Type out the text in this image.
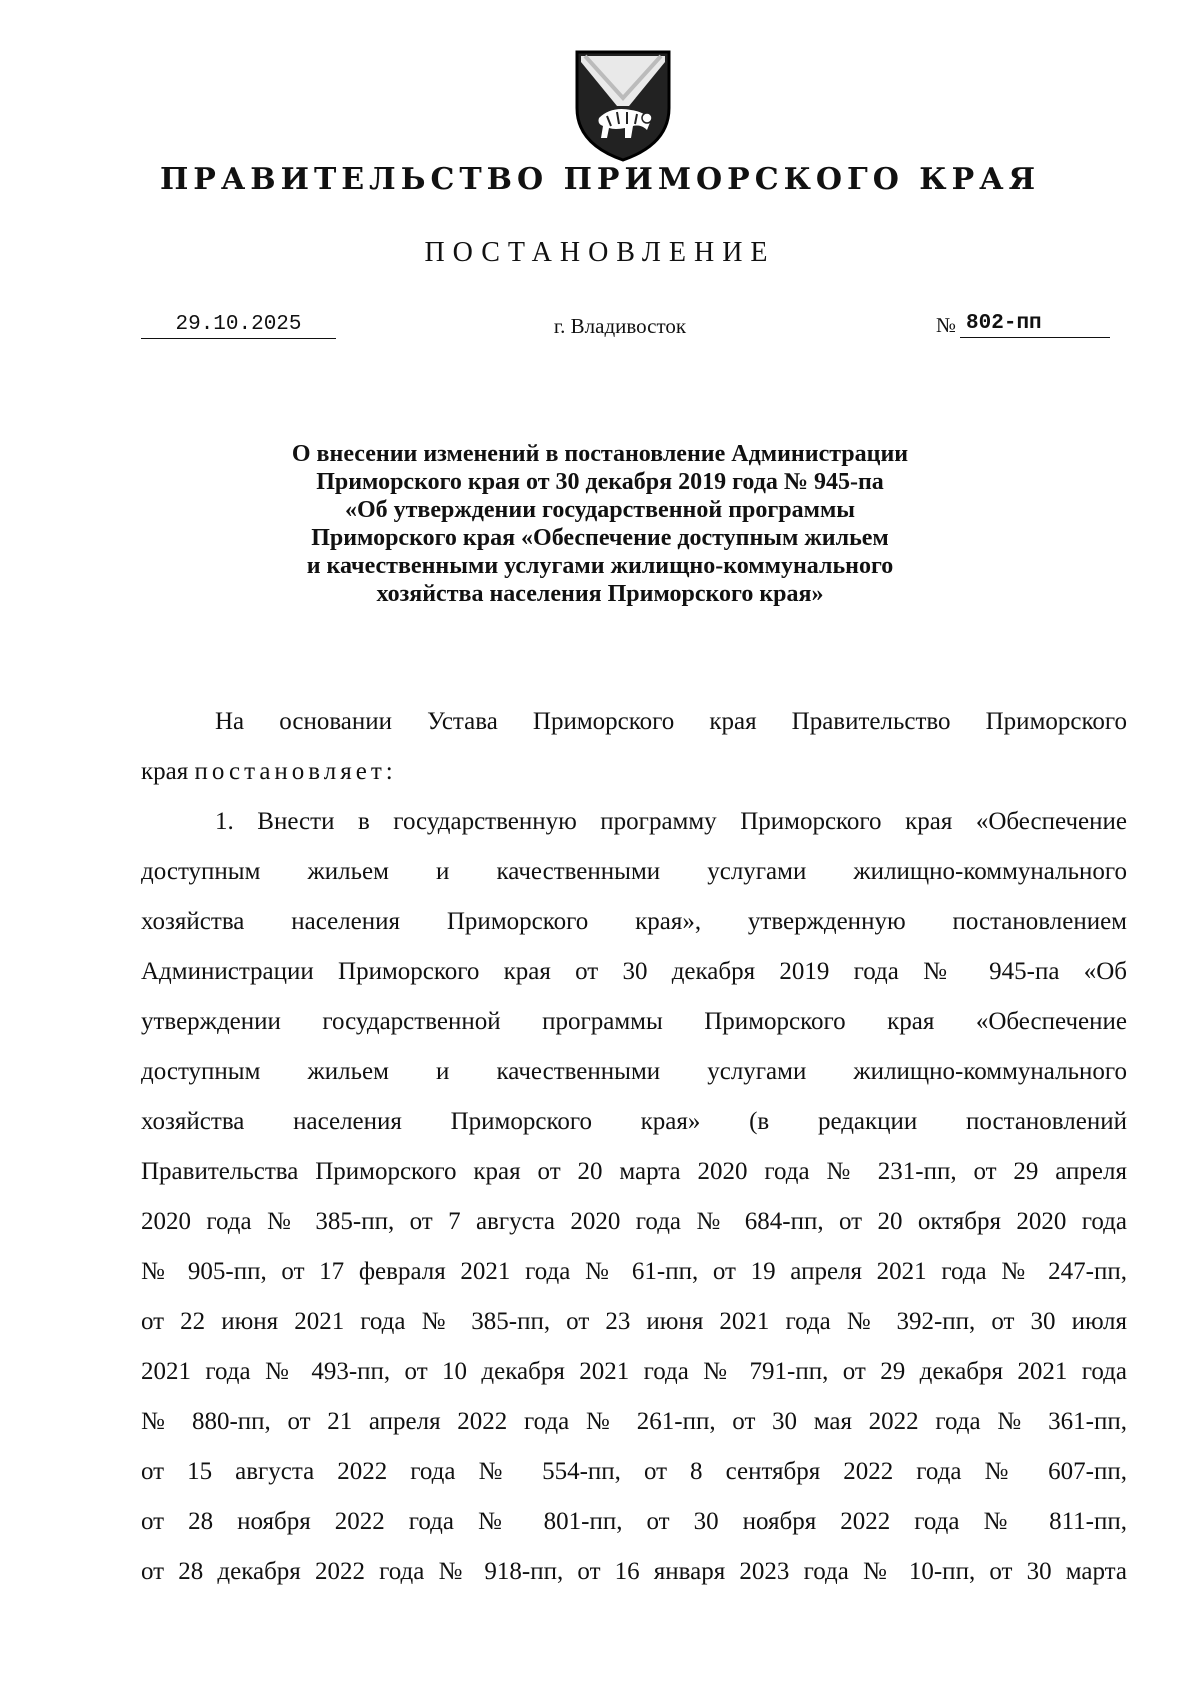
ПРАВИТЕЛЬСТВО ПРИМОРСКОГО КРАЯ
ПОСТАНОВЛЕНИЕ
29.10.2025	г. Владивосток	№ 802-пп
О внесении изменений в постановление Администрации
Приморского края от 30 декабря 2019 года № 945-па
«Об утверждении государственной программы
Приморского края «Обеспечение доступным жильем
и качественными услугами жилищно-коммунального
хозяйства населения Приморского края»
На основании Устава Приморского края Правительство Приморского
края постановляет:
1. Внести в государственную программу Приморского края «Обеспечение
доступным жильем и качественными услугами жилищно-коммунального
хозяйства населения Приморского края», утвержденную постановлением
Администрации Приморского края от 30 декабря 2019 года № 945-па «Об
утверждении государственной программы Приморского края «Обеспечение
доступным жильем и качественными услугами жилищно-коммунального
хозяйства населения Приморского края» (в редакции постановлений
Правительства Приморского края от 20 марта 2020 года № 231-пп, от 29 апреля
2020 года № 385-пп, от 7 августа 2020 года № 684-пп, от 20 октября 2020 года
№ 905-пп, от 17 февраля 2021 года № 61-пп, от 19 апреля 2021 года № 247-пп,
от 22 июня 2021 года № 385-пп, от 23 июня 2021 года № 392-пп, от 30 июля
2021 года № 493-пп, от 10 декабря 2021 года № 791-пп, от 29 декабря 2021 года
№ 880-пп, от 21 апреля 2022 года № 261-пп, от 30 мая 2022 года № 361-пп,
от 15 августа 2022 года № 554-пп, от 8 сентября 2022 года № 607-пп,
от 28 ноября 2022 года № 801-пп, от 30 ноября 2022 года № 811-пп,
от 28 декабря 2022 года № 918-пп, от 16 января 2023 года № 10-пп, от 30 марта
